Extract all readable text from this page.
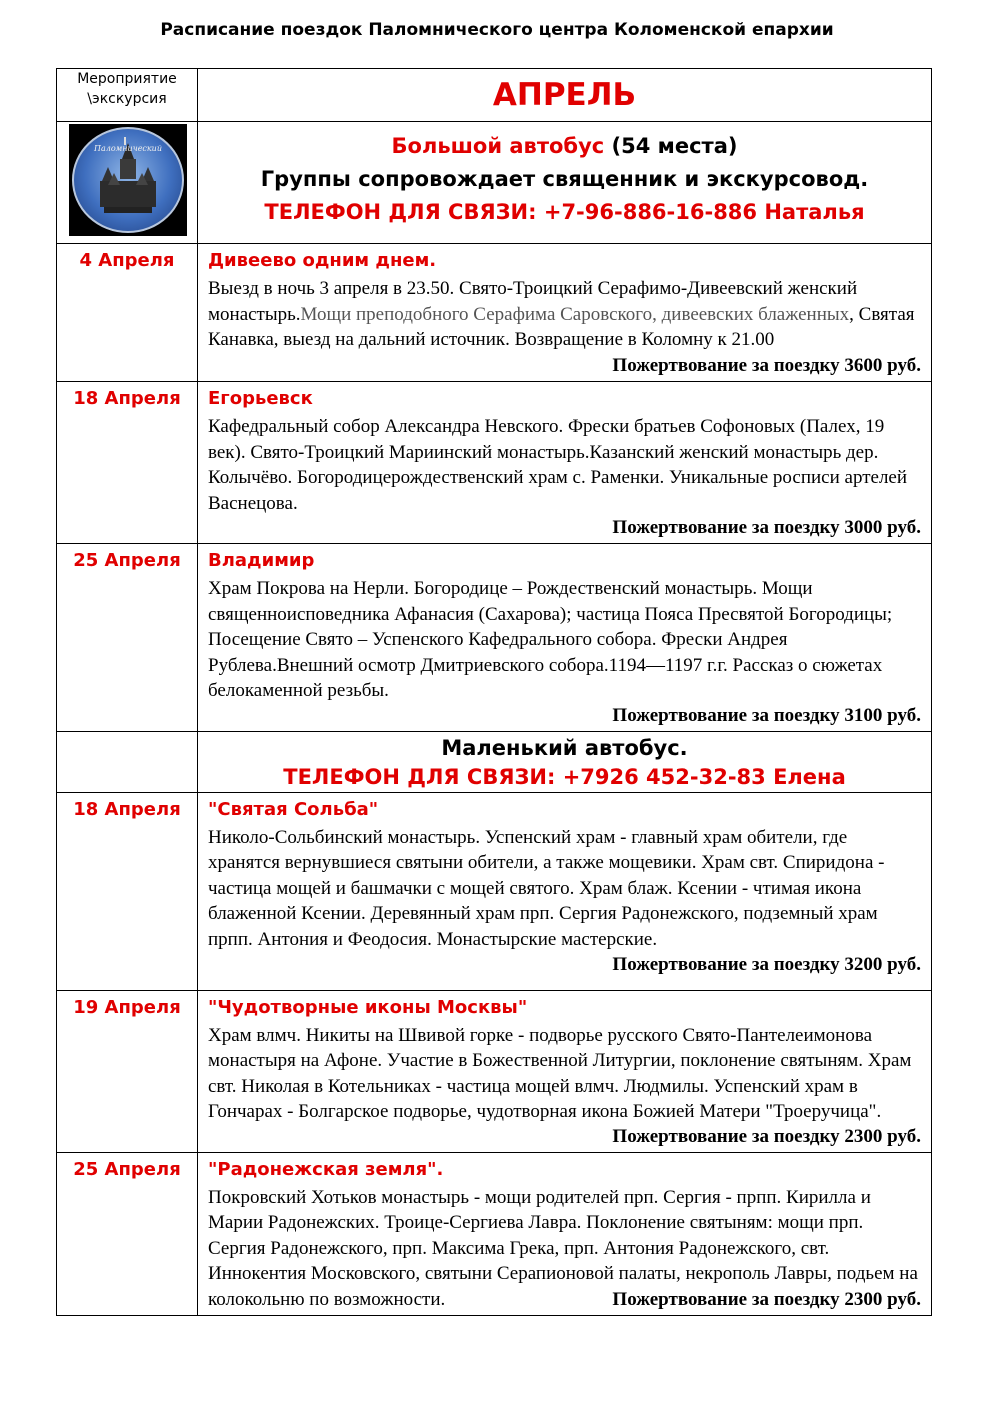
Расписание поездок Паломнического центра Коломенской епархии
Мероприятие \экскурсия	АПРЕЛЬ

Паломнический	Большой автобус (54 места)
Группы сопровождает священник и экскурсовод.
ТЕЛЕФОН ДЛЯ СВЯЗИ: +7-96-886-16-886 Наталья

4 Апреля	Дивеево одним днем.
Выезд в ночь 3 апреля в 23.50. Свято-Троицкий Серафимо-Дивеевский женский монастырь.Мощи преподобного Серафима Саровского, дивеевских блаженных, Святая Канавка, выезд на дальний источник. Возвращение в Коломну к 21.00
Пожертвование за поездку 3600 руб.

18 Апреля	Егорьевск
Кафедральный собор Александра Невского. Фрески братьев Софоновых (Палех, 19 век). Свято-Троицкий Мариинский монастырь.Казанский женский монастырь дер. Колычёво. Богородицерождественский храм с. Раменки. Уникальные росписи артелей Васнецова.
Пожертвование за поездку 3000 руб.

25 Апреля	Владимир
Храм Покрова на Нерли. Богородице – Рождественский монастырь. Мощи священноисповедника Афанасия (Сахарова); частица Пояса Пресвятой Богородицы; Посещение Свято – Успенского Кафедрального собора. Фрески Андрея Рублева.Внешний осмотр Дмитриевского собора.1194—1197 г.г. Рассказ о сюжетах белокаменной резьбы.
Пожертвование за поездку 3100 руб.

	Маленький автобус.
ТЕЛЕФОН ДЛЯ СВЯЗИ: +7926 452-32-83 Елена

18 Апреля	"Святая Сольба"
Николо-Сольбинский монастырь. Успенский храм - главный храм обители, где хранятся вернувшиеся святыни обители, а также мощевики. Храм свт. Спиридона - частица мощей и башмачки с мощей святого. Храм блаж. Ксении - чтимая икона блаженной Ксении. Деревянный храм прп. Сергия Радонежского, подземный храм прпп. Антония и Феодосия. Монастырские мастерские.
Пожертвование за поездку 3200 руб.

19 Апреля	"Чудотворные иконы Москвы"
Храм влмч. Никиты на Швивой горке - подворье русского Свято-Пантелеимонова монастыря на Афоне. Участие в Божественной Литургии, поклонение святыням. Храм свт. Николая в Котельниках - частица мощей влмч. Людмилы. Успенский храм в Гончарах - Болгарское подворье, чудотворная икона Божией Матери "Троеручица".
Пожертвование за поездку 2300 руб.

25 Апреля	"Радонежская земля".
Покровский Хотьков монастырь - мощи родителей прп. Сергия - прпп. Кирилла и Марии Радонежских. Троице-Сергиева Лавра. Поклонение святыням: мощи прп. Сергия Радонежского, прп. Максима Грека, прп. Антония Радонежского, свт. Иннокентия Московского, святыни Серапионовой палаты, некрополь Лавры, подьем на колокольню по возможности. Пожертвование за поездку 2300 руб.
